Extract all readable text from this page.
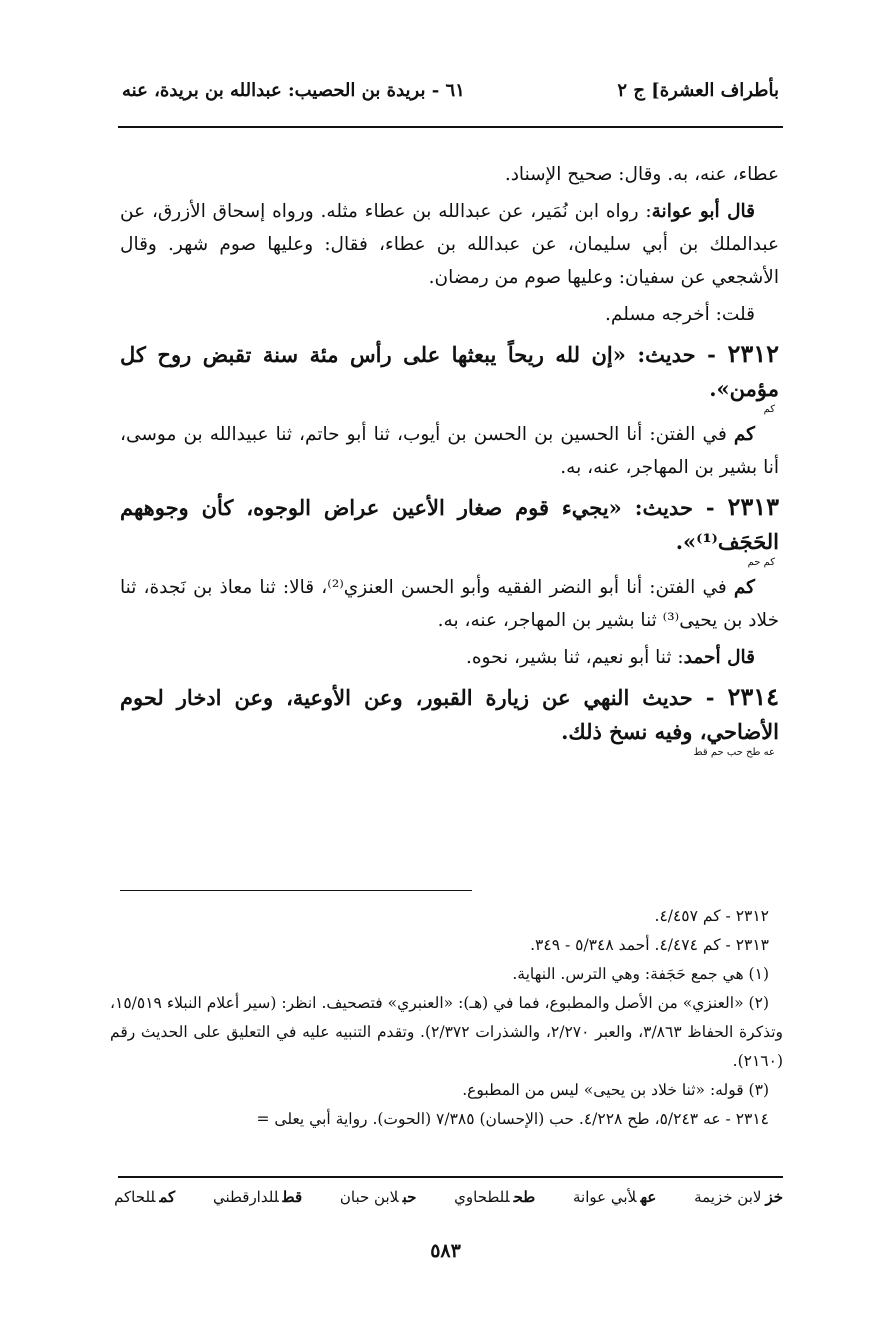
بأطراف العشرة] ج ٢
٦١ - بريدة بن الحصيب: عبدالله بن بريدة، عنه

عطاء، عنه، به. وقال: صحيح الإسناد.

قال أبو عوانة: رواه ابن نُمَير، عن عبدالله بن عطاء مثله. ورواه إسحاق الأزرق، عن عبدالملك بن أبي سليمان، عن عبدالله بن عطاء، فقال: وعليها صوم شهر. وقال الأشجعي عن سفيان: وعليها صوم من رمضان.

قلت: أخرجه مسلم.

٢٣١٢ - حديث: «إن لله ريحاً يبعثها على رأس مئة سنة تقبض روح كل مؤمن».
كم

كم في الفتن: أنا الحسين بن الحسن بن أيوب، ثنا أبو حاتم، ثنا عبيدالله بن موسى، أنا بشير بن المهاجر، عنه، به.

٢٣١٣ - حديث: «يجيء قوم صغار الأعين عراض الوجوه، كأن وجوههم الحَجَف⁽¹⁾».
كم حم

كم في الفتن: أنا أبو النضر الفقيه وأبو الحسن العنزي⁽²⁾، قالا: ثنا معاذ بن نَجدة، ثنا خلاد بن يحيى⁽³⁾ ثنا بشير بن المهاجر، عنه، به.

قال أحمد: ثنا أبو نعيم، ثنا بشير، نحوه.

٢٣١٤ - حديث النهي عن زيارة القبور، وعن الأوعية، وعن ادخار لحوم الأضاحي، وفيه نسخ ذلك.
عه طح حب حم قط

٢٣١٢ - كم ٤/٤٥٧.

٢٣١٣ - كم ٤/٤٧٤. أحمد ٥/٣٤٨ - ٣٤٩.

(١) هي جمع حَجَفة: وهي الترس. النهاية.

(٢) «العنزي» من الأصل والمطبوع، فما في (هـ): «العنبري» فتصحيف. انظر: (سير أعلام النبلاء ١٥/٥١٩، وتذكرة الحفاظ ٣/٨٦٣، والعبر ٢/٢٧٠، والشذرات ٢/٣٧٢). وتقدم التنبيه عليه في التعليق على الحديث رقم (٢١٦٠).

(٣) قوله: «ثنا خلاد بن يحيى» ليس من المطبوع.

٢٣١٤ - عه ٥/٢٤٣، طح ٤/٢٢٨. حب (الإحسان) ٧/٣٨٥ (الحوت). رواية أبي يعلى =

خزلابن خزيمة
عهلأبي عوانة
طحللطحاوي
حبلابن حبان
قطللدارقطني
كمللحاكم
٥٨٣
